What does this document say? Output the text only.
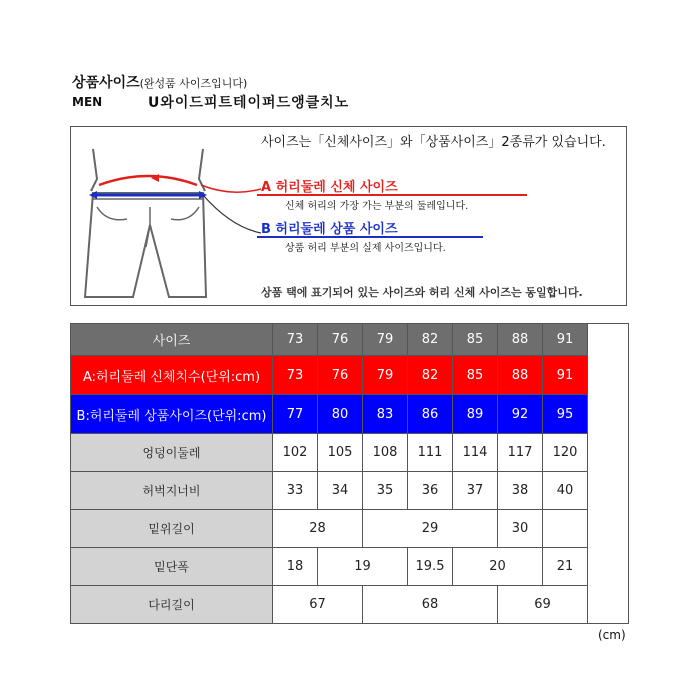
상품사이즈(완성품 사이즈입니다)
MEN	U와이드피트테이퍼드앵클치노
사이즈는「신체사이즈」와「상품사이즈」2종류가 있습니다.
A 허리둘레 신체 사이즈
신체 허리의 가장 가는 부분의 둘레입니다.
B 허리둘레 상품 사이즈
상품 허리 부분의 실제 사이즈입니다.
상품 택에 표기되어 있는 사이즈와 허리 신체 사이즈는 동일합니다.
사이즈	73	76	79	82	85	88	91	
A:허리둘레 신체치수(단위:cm)	73	76	79	82	85	88	91	
B:허리둘레 상품사이즈(단위:cm)	77	80	83	86	89	92	95	
엉덩이둘레	102	105	108	111	114	117	120	
허벅지너비	33	34	35	36	37	38	40	
밑위길이	28		29			30		
밑단폭	18	19		19.5	20		21	
다리길이	67		68			69		
(cm)
